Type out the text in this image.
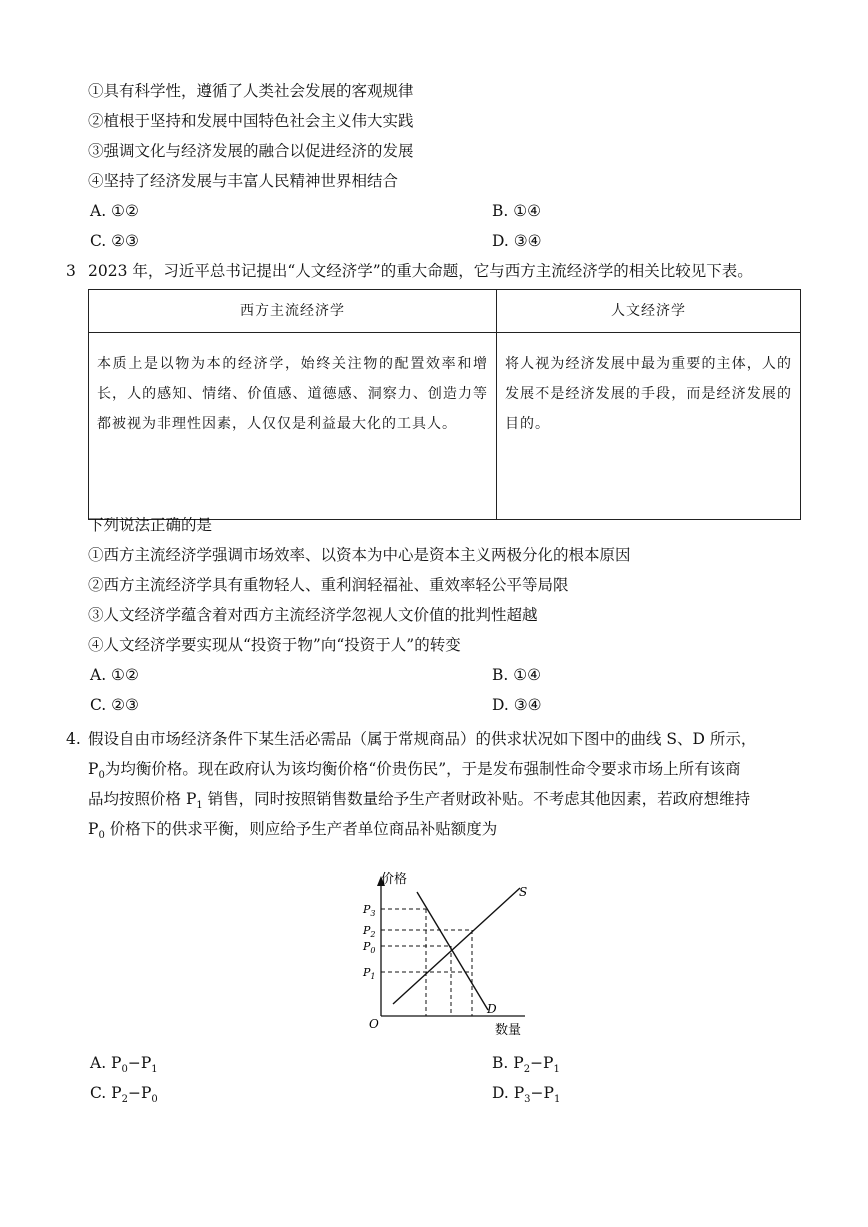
①具有科学性，遵循了人类社会发展的客观规律
②植根于坚持和发展中国特色社会主义伟大实践
③强调文化与经济发展的融合以促进经济的发展
④坚持了经济发展与丰富人民精神世界相结合
A. ①②	B. ①④
C. ②③	D. ③④
3 2023 年，习近平总书记提出“人文经济学”的重大命题，它与西方主流经济学的相关比较见下表。
西方主流经济学	人文经济学
本质上是以物为本的经济学，始终关注物的配置效率和增长，人的感知、情绪、价值感、道德感、洞察力、创造力等都被视为非理性因素，人仅仅是利益最大化的工具人。	将人视为经济发展中最为重要的主体，人的发展不是经济发展的手段，而是经济发展的目的。
下列说法正确的是
①西方主流经济学强调市场效率、以资本为中心是资本主义两极分化的根本原因
②西方主流经济学具有重物轻人、重利润轻福祉、重效率轻公平等局限
③人文经济学蕴含着对西方主流经济学忽视人文价值的批判性超越
④人文经济学要实现从“投资于物”向“投资于人”的转变
A. ①②	B. ①④
C. ②③	D. ③④
4. 假设自由市场经济条件下某生活必需品（属于常规商品）的供求状况如下图中的曲线 S、D 所示，
$P_0$为均衡价格。现在政府认为该均衡价格“价贵伤民”，于是发布强制性命令要求市场上所有该商
品均按照价格 $P_1$ 销售，同时按照销售数量给予生产者财政补贴。不考虑其他因素，若政府想维持
$P_0$ 价格下的供求平衡，则应给予生产者单位商品补贴额度为
价格
数量
O
S
D
$P_3$
$P_2$
$P_0$
$P_1$
A. $P_0-P_1$	B. $P_2-P_1$
C. $P_2-P_0$	D. $P_3-P_1$
